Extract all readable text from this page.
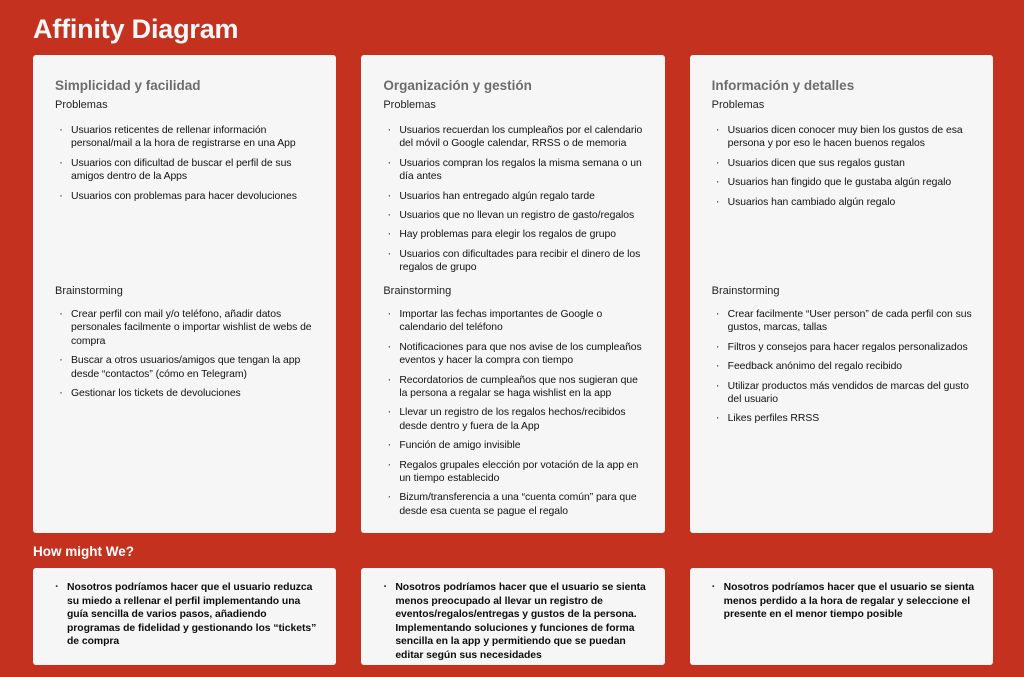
Affinity Diagram
Simplicidad y facilidad
Problemas
· Usuarios reticentes de rellenar información personal/mail a la hora de registrarse en una App
· Usuarios con dificultad de buscar el perfil de sus amigos dentro de la Apps
· Usuarios con problemas para hacer devoluciones
Brainstorming
· Crear perfil con mail y/o teléfono, añadir datos personales facilmente o importar wishlist de webs de compra
· Buscar a otros usuarios/amigos que tengan la app desde “contactos” (cómo en Telegram)
· Gestionar los tickets de devoluciones
Organización y gestión
Problemas
· Usuarios recuerdan los cumpleaños por el calendario del móvil o Google calendar, RRSS o de memoria
· Usuarios compran los regalos la misma semana o un día antes
· Usuarios han entregado algún regalo tarde
· Usuarios que no llevan un registro de gasto/regalos
· Hay problemas para elegir los regalos de grupo
· Usuarios con dificultades para recibir el dinero de los regalos de grupo
Brainstorming
· Importar las fechas importantes de Google o calendario del teléfono
· Notificaciones para que nos avise de los cumpleaños eventos y hacer la compra con tiempo
· Recordatorios de cumpleaños que nos sugieran que la persona a regalar se haga wishlist en la app
· Llevar un registro de los regalos hechos/recibidos desde dentro y fuera de la App
· Función de amigo invisible
· Regalos grupales elección por votación de la app en un tiempo establecido
· Bizum/transferencia a una “cuenta común” para que desde esa cuenta se pague el regalo
Información y detalles
Problemas
· Usuarios dicen conocer muy bien los gustos de esa persona y por eso le hacen buenos regalos
· Usuarios dicen que sus regalos gustan
· Usuarios han fingido que le gustaba algún regalo
· Usuarios han cambiado algún regalo
Brainstorming
· Crear facilmente “User person” de cada perfil con sus gustos, marcas, tallas
· Filtros y consejos para hacer regalos personalizados
· Feedback anónimo del regalo recibido
· Utilizar productos más vendidos de marcas del gusto del usuario
· Likes perfiles RRSS
How might We?
· Nosotros podríamos hacer que el usuario reduzca su miedo a rellenar el perfil implementando una guía sencilla de varios pasos, añadiendo programas de fidelidad y gestionando los “tickets” de compra
· Nosotros podríamos hacer que el usuario se sienta menos preocupado al llevar un registro de eventos/regalos/entregas y gustos de la persona. Implementando soluciones y funciones de forma sencilla en la app y permitiendo que se puedan editar según sus necesidades
· Nosotros podríamos hacer que el usuario se sienta menos perdido a la hora de regalar y seleccione el presente en el menor tiempo posible
